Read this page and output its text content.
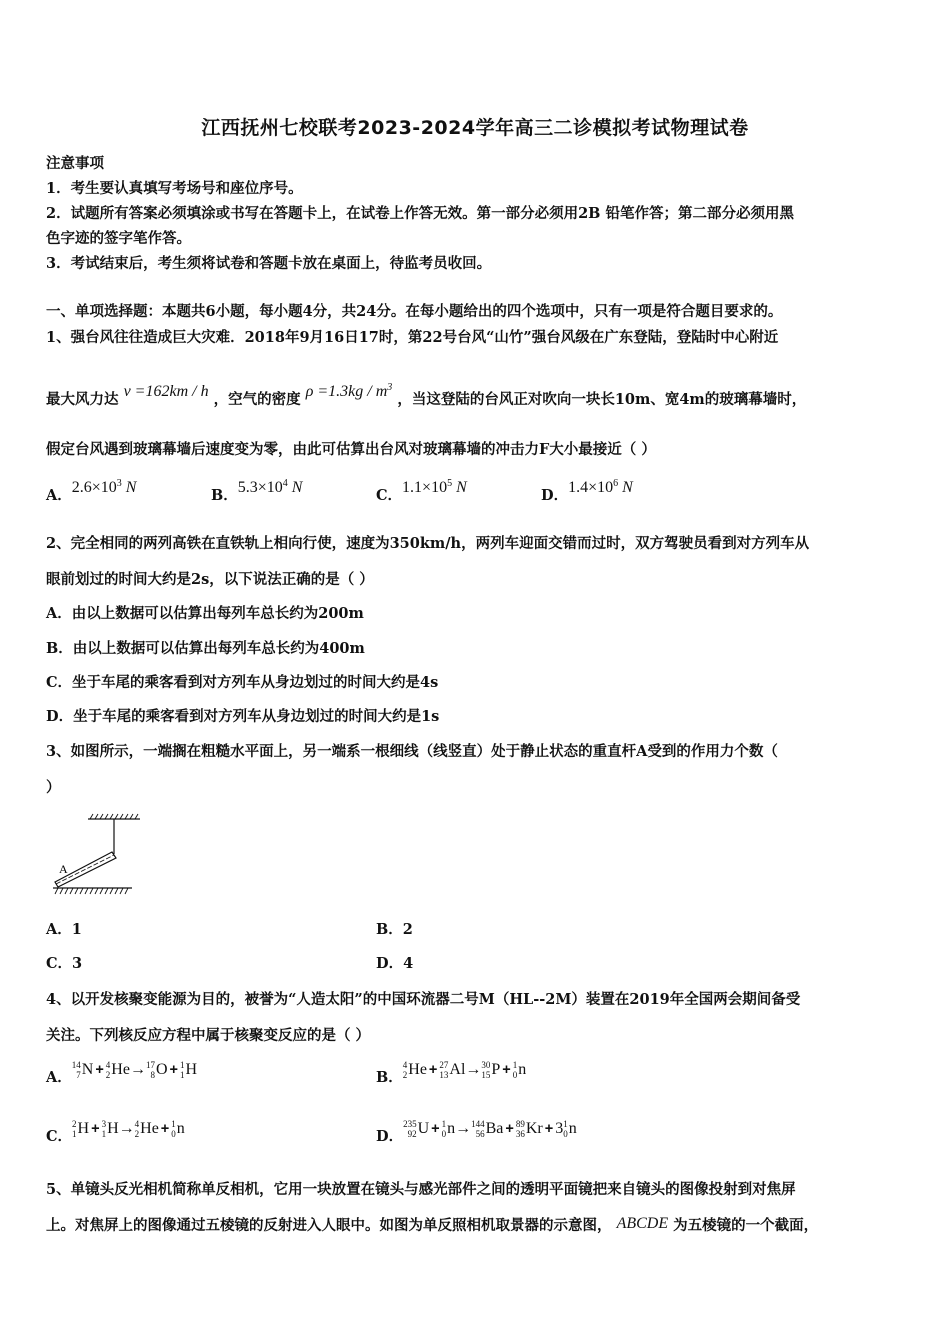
江西抚州七校联考2023-2024学年高三二诊模拟考试物理试卷
注意事项
1．考生要认真填写考场号和座位序号。
2．试题所有答案必须填涂或书写在答题卡上，在试卷上作答无效。第一部分必须用2B 铅笔作答；第二部分必须用黑
色字迹的签字笔作答。
3．考试结束后，考生须将试卷和答题卡放在桌面上，待监考员收回。
一、单项选择题：本题共6小题，每小题4分，共24分。在每小题给出的四个选项中，只有一项是符合题目要求的。
1、强台风往往造成巨大灾难．2018年9月16日17时，第22号台风“山竹”强台风级在广东登陆，登陆时中心附近
最大风力达 v =162km / h ，空气的密度 $\rho =1.3kg / m^3$ ，当这登陆的台风正对吹向一块长10m、宽4m的玻璃幕墙时，
假定台风遇到玻璃幕墙后速度变为零，由此可估算出台风对玻璃幕墙的冲击力F大小最接近（ ）
A．$2.6\times 10^3$ N	B．$5.3\times 10^4$ N	C．$1.1\times 10^5$ N	D．$1.4\times 10^6$ N
2、完全相同的两列高铁在直铁轨上相向行使，速度为350km/h，两列车迎面交错而过时，双方驾驶员看到对方列车从
眼前划过的时间大约是2s，以下说法正确的是（ ）
A．由以上数据可以估算出每列车总长约为200m
B．由以上数据可以估算出每列车总长约为400m
C．坐于车尾的乘客看到对方列车从身边划过的时间大约是4s
D．坐于车尾的乘客看到对方列车从身边划过的时间大约是1s
3、如图所示，一端搁在粗糙水平面上，另一端系一根细线（线竖直）处于静止状态的重直杆A受到的作用力个数（
）
A
A．1	B．2
C．3	D．4
4、以开发核聚变能源为目的，被誉为“人造太阳”的中国环流器二号M（HL--2M）装置在2019年全国两会期间备受
关注。下列核反应方程中属于核聚变反应的是（ ）
A．
14
7 N + 4
2 He → 17
8 O + 1
1 H	B．
4
2 He + 27
13 Al → 30
15 P + 1
0 n
C．
2
1 H + 3
1 H → 4
2 He + 1
0 n	D．
235
92 U + 1
0 n → 144
56 Ba + 89
36 Kr + 3 1
0 n
5、单镜头反光相机简称单反相机，它用一块放置在镜头与感光部件之间的透明平面镜把来自镜头的图像投射到对焦屏
上。对焦屏上的图像通过五棱镜的反射进入人眼中。如图为单反照相机取景器的示意图， ABCDE 为五棱镜的一个截面，
